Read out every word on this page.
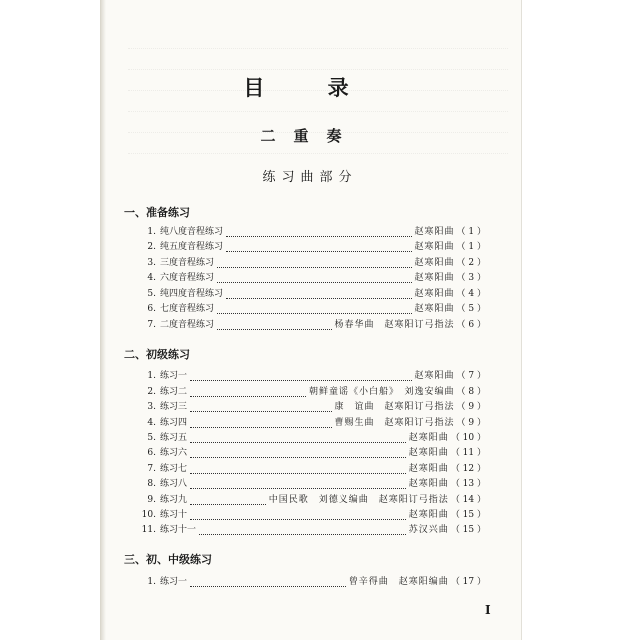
目 录
二重奏
练习曲部分
一、准备练习
1. 纯八度音程练习	赵寒阳曲 （ 1 ）
2. 纯五度音程练习	赵寒阳曲 （ 1 ）
3. 三度音程练习	赵寒阳曲 （ 2 ）
4. 六度音程练习	赵寒阳曲 （ 3 ）
5. 纯四度音程练习	赵寒阳曲 （ 4 ）
6. 七度音程练习	赵寒阳曲 （ 5 ）
7. 二度音程练习	杨春华曲　赵寒阳订弓指法 （ 6 ）
二、初级练习
1. 练习一	赵寒阳曲 （ 7 ）
2. 练习二	朝鲜童谣《小白船》　刘逸安编曲 （ 8 ）
3. 练习三	康　谊曲　赵寒阳订弓指法 （ 9 ）
4. 练习四	曹赐生曲　赵寒阳订弓指法 （ 9 ）
5. 练习五	赵寒阳曲 （ 10 ）
6. 练习六	赵寒阳曲 （ 11 ）
7. 练习七	赵寒阳曲 （ 12 ）
8. 练习八	赵寒阳曲 （ 13 ）
9. 练习九	中国民歌　刘德义编曲　赵寒阳订弓指法 （ 14 ）
10. 练习十	赵寒阳曲 （ 15 ）
11. 练习十一	苏汉兴曲 （ 15 ）
三、初、中级练习
1. 练习一	曾辛得曲　赵寒阳编曲 （ 17 ）
I
